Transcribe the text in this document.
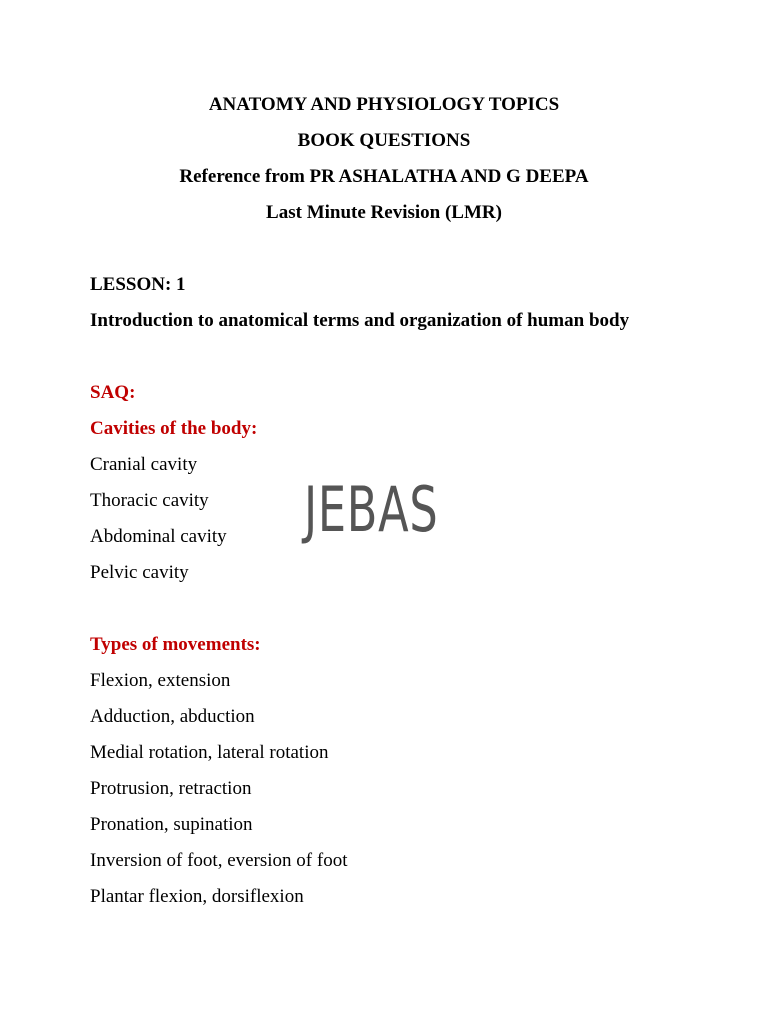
ANATOMY AND PHYSIOLOGY TOPICS
BOOK QUESTIONS
Reference from PR ASHALATHA AND G DEEPA
Last Minute Revision (LMR)
LESSON: 1
Introduction to anatomical terms and organization of human body
SAQ:
Cavities of the body:
Cranial cavity
Thoracic cavity
Abdominal cavity
Pelvic cavity
Types of movements:
Flexion, extension
Adduction, abduction
Medial rotation, lateral rotation
Protrusion, retraction
Pronation, supination
Inversion of foot, eversion of foot
Plantar flexion, dorsiflexion
JEBAS
